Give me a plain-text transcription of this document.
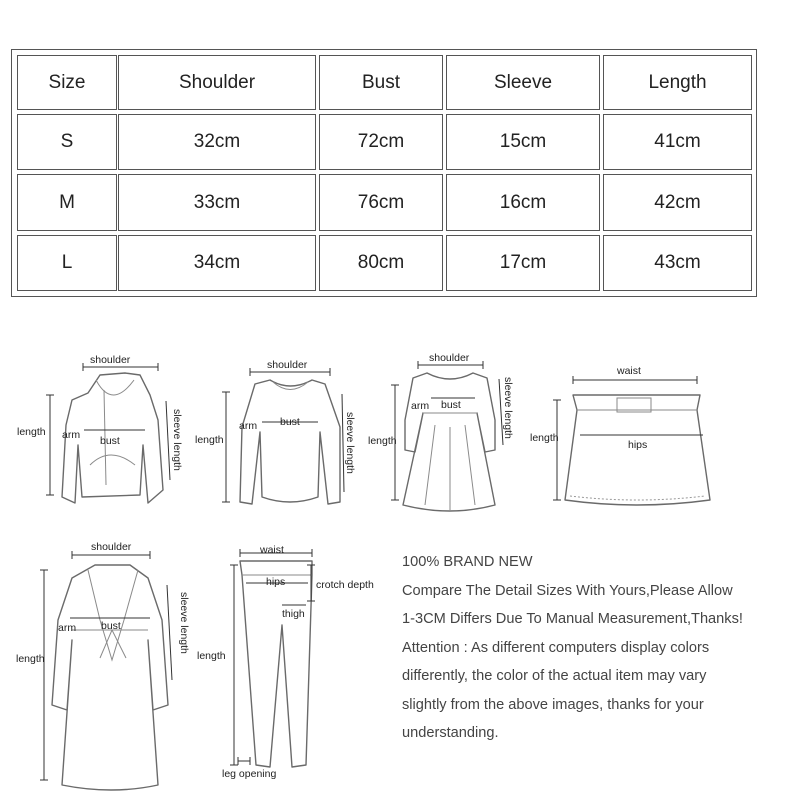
Size	Shoulder	Bust	Sleeve	Length
S	32cm	72cm	15cm	41cm
M	33cm	76cm	16cm	42cm
L	34cm	80cm	17cm	43cm
shoulder
length arm bust	sleeve length
shoulder
length
arm bust	sleeve length
shoulder
length
arm bust	sleeve length
waist
length
hips
shoulder
length
arm bust	sleeve length
waist
hips	crotch depth
thigh
length
leg opening
100% BRAND NEW
Compare The Detail Sizes With Yours,Please Allow
1-3CM Differs Due To Manual Measurement,Thanks!
Attention : As different computers display colors
differently, the color of the actual item may vary
slightly from the above images, thanks for your
understanding.
